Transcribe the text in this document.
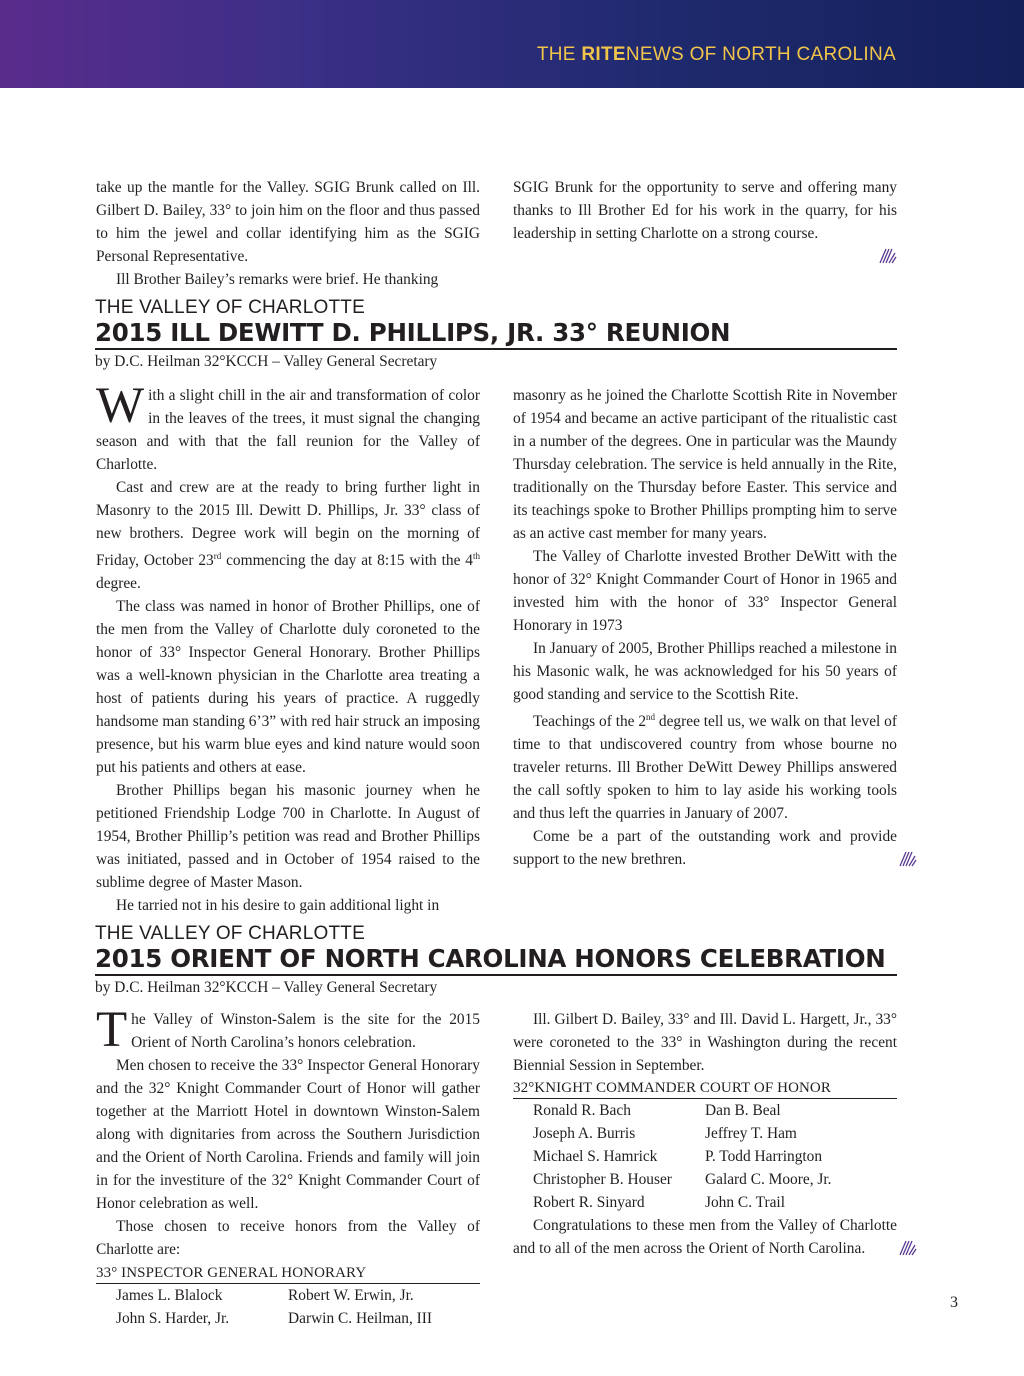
THE RITENEWS OF NORTH CAROLINA

take up the mantle for the Valley. SGIG Brunk called on Ill. Gilbert D. Bailey, 33° to join him on the floor and thus passed to him the jewel and collar identifying him as the SGIG Personal Representative.

Ill Brother Bailey’s remarks were brief. He thanking

SGIG Brunk for the opportunity to serve and offering many thanks to Ill Brother Ed for his work in the quarry, for his leadership in setting Charlotte on a strong course.

THE VALLEY OF CHARLOTTE
2015 ILL DEWITT D. PHILLIPS, JR. 33° REUNION
by D.C. Heilman 32°KCCH – Valley General Secretary

With a slight chill in the air and transformation of color in the leaves of the trees, it must signal the changing season and with that the fall reunion for the Valley of Charlotte.

Cast and crew are at the ready to bring further light in Masonry to the 2015 Ill. Dewitt D. Phillips, Jr. 33° class of new brothers. Degree work will begin on the morning of Friday, October 23rd commencing the day at 8:15 with the 4th degree.

The class was named in honor of Brother Phillips, one of the men from the Valley of Charlotte duly coroneted to the honor of 33° Inspector General Honorary. Brother Phillips was a well-known physician in the Charlotte area treating a host of patients during his years of practice. A ruggedly handsome man standing 6’3” with red hair struck an imposing presence, but his warm blue eyes and kind nature would soon put his patients and others at ease.

Brother Phillips began his masonic journey when he petitioned Friendship Lodge 700 in Charlotte. In August of 1954, Brother Phillip’s petition was read and Brother Phillips was initiated, passed and in October of 1954 raised to the sublime degree of Master Mason.

He tarried not in his desire to gain additional light in

masonry as he joined the Charlotte Scottish Rite in November of 1954 and became an active participant of the ritualistic cast in a number of the degrees. One in particular was the Maundy Thursday celebration. The service is held annually in the Rite, traditionally on the Thursday before Easter. This service and its teachings spoke to Brother Phillips prompting him to serve as an active cast member for many years.

The Valley of Charlotte invested Brother DeWitt with the honor of 32° Knight Commander Court of Honor in 1965 and invested him with the honor of 33° Inspector General Honorary in 1973

In January of 2005, Brother Phillips reached a milestone in his Masonic walk, he was acknowledged for his 50 years of good standing and service to the Scottish Rite.

Teachings of the 2nd degree tell us, we walk on that level of time to that undiscovered country from whose bourne no traveler returns. Ill Brother DeWitt Dewey Phillips answered the call softly spoken to him to lay aside his working tools and thus left the quarries in January of 2007.

Come be a part of the outstanding work and provide support to the new brethren.

THE VALLEY OF CHARLOTTE
2015 ORIENT OF NORTH CAROLINA HONORS CELEBRATION
by D.C. Heilman 32°KCCH – Valley General Secretary

The Valley of Winston-Salem is the site for the 2015 Orient of North Carolina’s honors celebration.

Men chosen to receive the 33° Inspector General Honorary and the 32° Knight Commander Court of Honor will gather together at the Marriott Hotel in downtown Winston-Salem along with dignitaries from across the Southern Jurisdiction and the Orient of North Carolina. Friends and family will join in for the investiture of the 32° Knight Commander Court of Honor celebration as well.

Those chosen to receive honors from the Valley of Charlotte are:

33° INSPECTOR GENERAL HONORARY
James L. Blalock	Robert W. Erwin, Jr.
John S. Harder, Jr.	Darwin C. Heilman, III

Ill. Gilbert D. Bailey, 33° and Ill. David L. Hargett, Jr., 33° were coroneted to the 33° in Washington during the recent Biennial Session in September.

32°KNIGHT COMMANDER COURT OF HONOR
Ronald R. Bach	Dan B. Beal
Joseph A. Burris	Jeffrey T. Ham
Michael S. Hamrick	P. Todd Harrington
Christopher B. Houser	Galard C. Moore, Jr.
Robert R. Sinyard	John C. Trail

Congratulations to these men from the Valley of Charlotte and to all of the men across the Orient of North Carolina.

3
